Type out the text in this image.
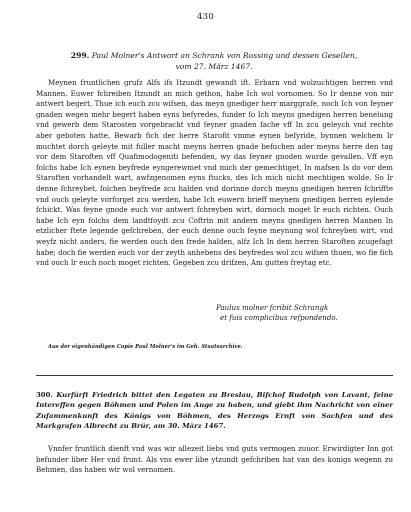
430
299. Paul Molner's Antwort an Schrank von Rossing und dessen Gesellen,
vom 27. März 1467.

Meynen fruntlichen grufz Alfs ifs Itzundt gewandt ift. Erbarn vnd wolzuchtigen herren vnd Mannen. Euwer fchreiben Itzundt an mich gethon, habe Ich wol vornomen. So Ir denne von mir antwert begert, Thue ich euch zcu wifsen, das meyn gnediger herr marggrafe, noch Ich von feyner gnaden wegen mehr begert haben eyns befyredes, funder fo Ich meyns gnedigen herren benelung vnd gewerb dem Starosten vorgebracht vnd feyner gnaden fache vff In zcu geleych vnd rechte aber geboten hatte, Bewarb fich der herre Starofit vmme eynen befyride, bynnen welchem Ir muchtet dorch geleyte mit fuller macht meyns herren gnade befuchen ader meyns herre den tag vor dem Staroften vff Quafimodogeniti befenden, wy das feyner gnoden wurde gevallen. Vff eyn folchs habe Ich eynen beyfrede eyngerewmet vnd mich der gemechtiget, In mafsen Is do vor dem Staroften vorhandelt wart, awfzgenomen eyns ftucks, des Ich mich nicht mechtigen wolde. So Ir denne fchreybet, folchen beyfrede zcu halden vnd dorinne dorch meyns gnedigen herren fchriffte vnd ouch geleyte vorforget zcu werden, habe Ich euwern brieff meynem gnedigen herren eylende fchickt. Was feyne gnode euch vor antwert fchreyben wirt, dornoch moget Ir euch richten. Ouch habe Ich eyn folchs dem landtfoydt zcu Coftrin mit andern meyns gnedigen herren Mannen In etzlicher ftete legende gefchreben, der euch denne ouch feyne meynung wol fchreyben wirt, vnd weyfz nicht anders, fie werden ouch den frede halden, alfz Ich In dem herren Staroften zcugefagt habe; doch fie werden euch vor der zeyth anhebens des beyfredes wol zcu wifsen thuen, wo fie fich vnd ouch Ir euch noch moget richten. Gegeben zcu drifzen, Am gutten freytag etc.

Paulus molner fcribit Schrangk
et fuis complicibus refpondendo.
Aus der eigenhändigen Copie Paul Molner's im Geh. Staatsarchive.

300. Kurfürft Friedrich bittet den Legaten zu Breslau, Bifchof Rudolph von Lavant, feine Intereffen gegen Böhmen und Polen im Auge zu haben, und giebt ihm Nachricht von einer Zufammenkunft des Königs von Böhmen, des Herzogs Ernft von Sachfen und des Markgrafen Albrecht zu Brür, am 30. März 1467.

Vnnfer fruntlich dienft vnd was wir allezeit liebs vnd guts vermogen zuuor. Erwirdigter Inn got befunder liber Her vnd frunt. Als vns ewer libe ytzundt gefchriben hat van des konigs wegenn zu Behmen, das haben wir wol vernomen.
